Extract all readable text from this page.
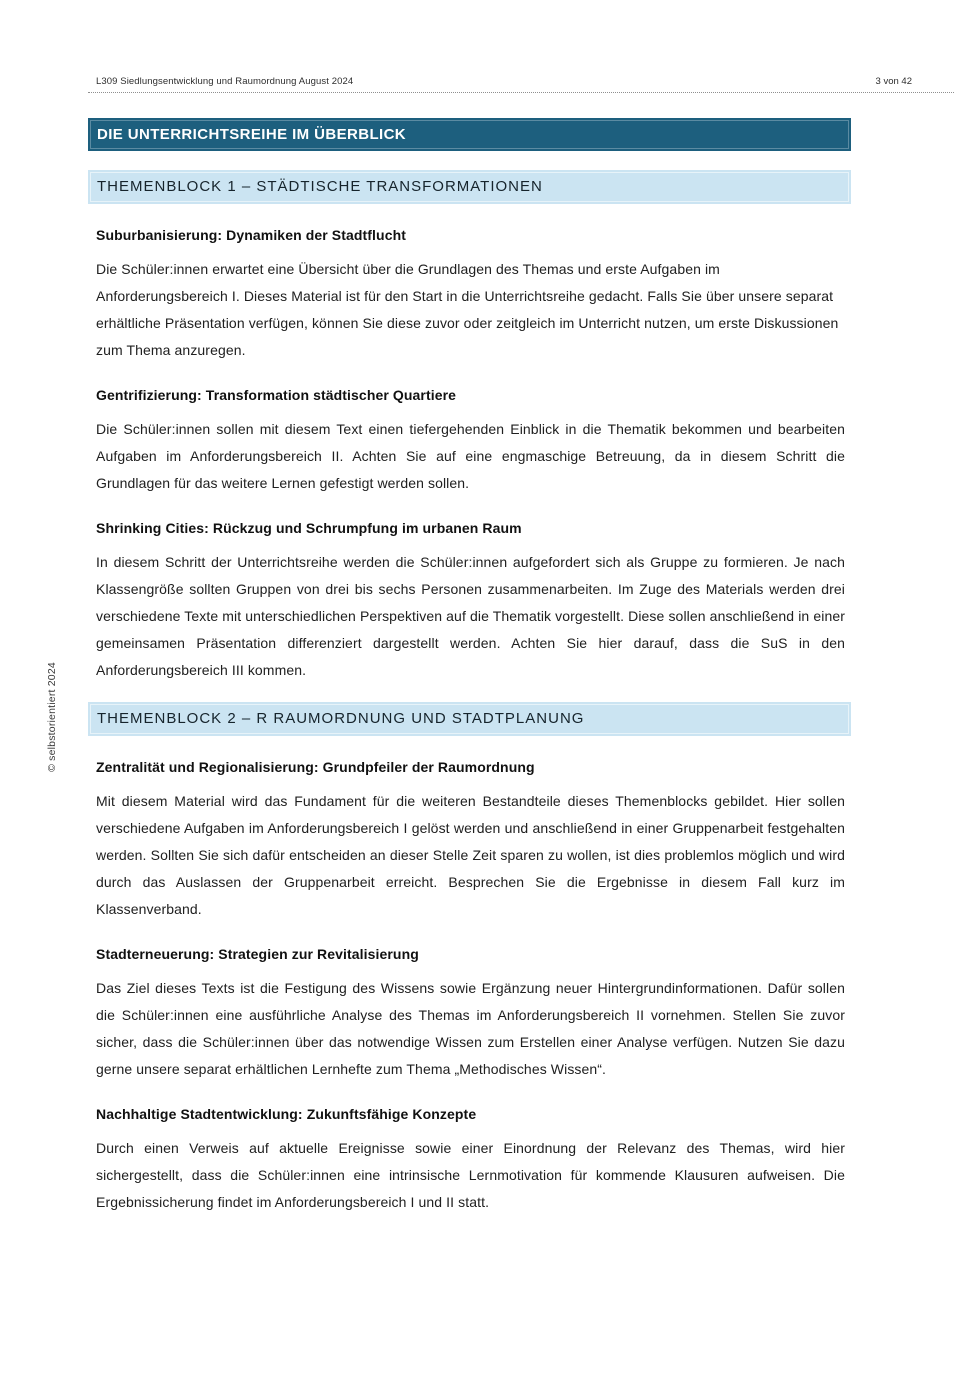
L309 Siedlungsentwicklung und Raumordnung August 2024	3 von 42
© selbstorientiert 2024
DIE UNTERRICHTSREIHE IM ÜBERBLICK
THEMENBLOCK 1 – STÄDTISCHE TRANSFORMATIONEN
Suburbanisierung: Dynamiken der Stadtflucht
Die Schüler:innen erwartet eine Übersicht über die Grundlagen des Themas und erste Aufgaben im Anforderungsbereich I. Dieses Material ist für den Start in die Unterrichtsreihe gedacht. Falls Sie über unsere separat erhältliche Präsentation verfügen, können Sie diese zuvor oder zeitgleich im Unterricht nutzen, um erste Diskussionen zum Thema anzuregen.
Gentrifizierung: Transformation städtischer Quartiere
Die Schüler:innen sollen mit diesem Text einen tiefergehenden Einblick in die Thematik bekommen und bearbeiten Aufgaben im Anforderungsbereich II. Achten Sie auf eine engmaschige Betreuung, da in diesem Schritt die Grundlagen für das weitere Lernen gefestigt werden sollen.
Shrinking Cities: Rückzug und Schrumpfung im urbanen Raum
In diesem Schritt der Unterrichtsreihe werden die Schüler:innen aufgefordert sich als Gruppe zu formieren. Je nach Klassengröße sollten Gruppen von drei bis sechs Personen zusammenarbeiten. Im Zuge des Materials werden drei verschiedene Texte mit unterschiedlichen Perspektiven auf die Thematik vorgestellt. Diese sollen anschließend in einer gemeinsamen Präsentation differenziert dargestellt werden. Achten Sie hier darauf, dass die SuS in den Anforderungsbereich III kommen.
THEMENBLOCK 2 – R RAUMORDNUNG UND STADTPLANUNG
Zentralität und Regionalisierung: Grundpfeiler der Raumordnung
Mit diesem Material wird das Fundament für die weiteren Bestandteile dieses Themenblocks gebildet. Hier sollen verschiedene Aufgaben im Anforderungsbereich I gelöst werden und anschließend in einer Gruppenarbeit festgehalten werden. Sollten Sie sich dafür entscheiden an dieser Stelle Zeit sparen zu wollen, ist dies problemlos möglich und wird durch das Auslassen der Gruppenarbeit erreicht. Besprechen Sie die Ergebnisse in diesem Fall kurz im Klassenverband.
Stadterneuerung: Strategien zur Revitalisierung
Das Ziel dieses Texts ist die Festigung des Wissens sowie Ergänzung neuer Hintergrundinformationen. Dafür sollen die Schüler:innen eine ausführliche Analyse des Themas im Anforderungsbereich II vornehmen. Stellen Sie zuvor sicher, dass die Schüler:innen über das notwendige Wissen zum Erstellen einer Analyse verfügen. Nutzen Sie dazu gerne unsere separat erhältlichen Lernhefte zum Thema „Methodisches Wissen“.
Nachhaltige Stadtentwicklung: Zukunftsfähige Konzepte
Durch einen Verweis auf aktuelle Ereignisse sowie einer Einordnung der Relevanz des Themas, wird hier sichergestellt, dass die Schüler:innen eine intrinsische Lernmotivation für kommende Klausuren aufweisen. Die Ergebnissicherung findet im Anforderungsbereich I und II statt.
